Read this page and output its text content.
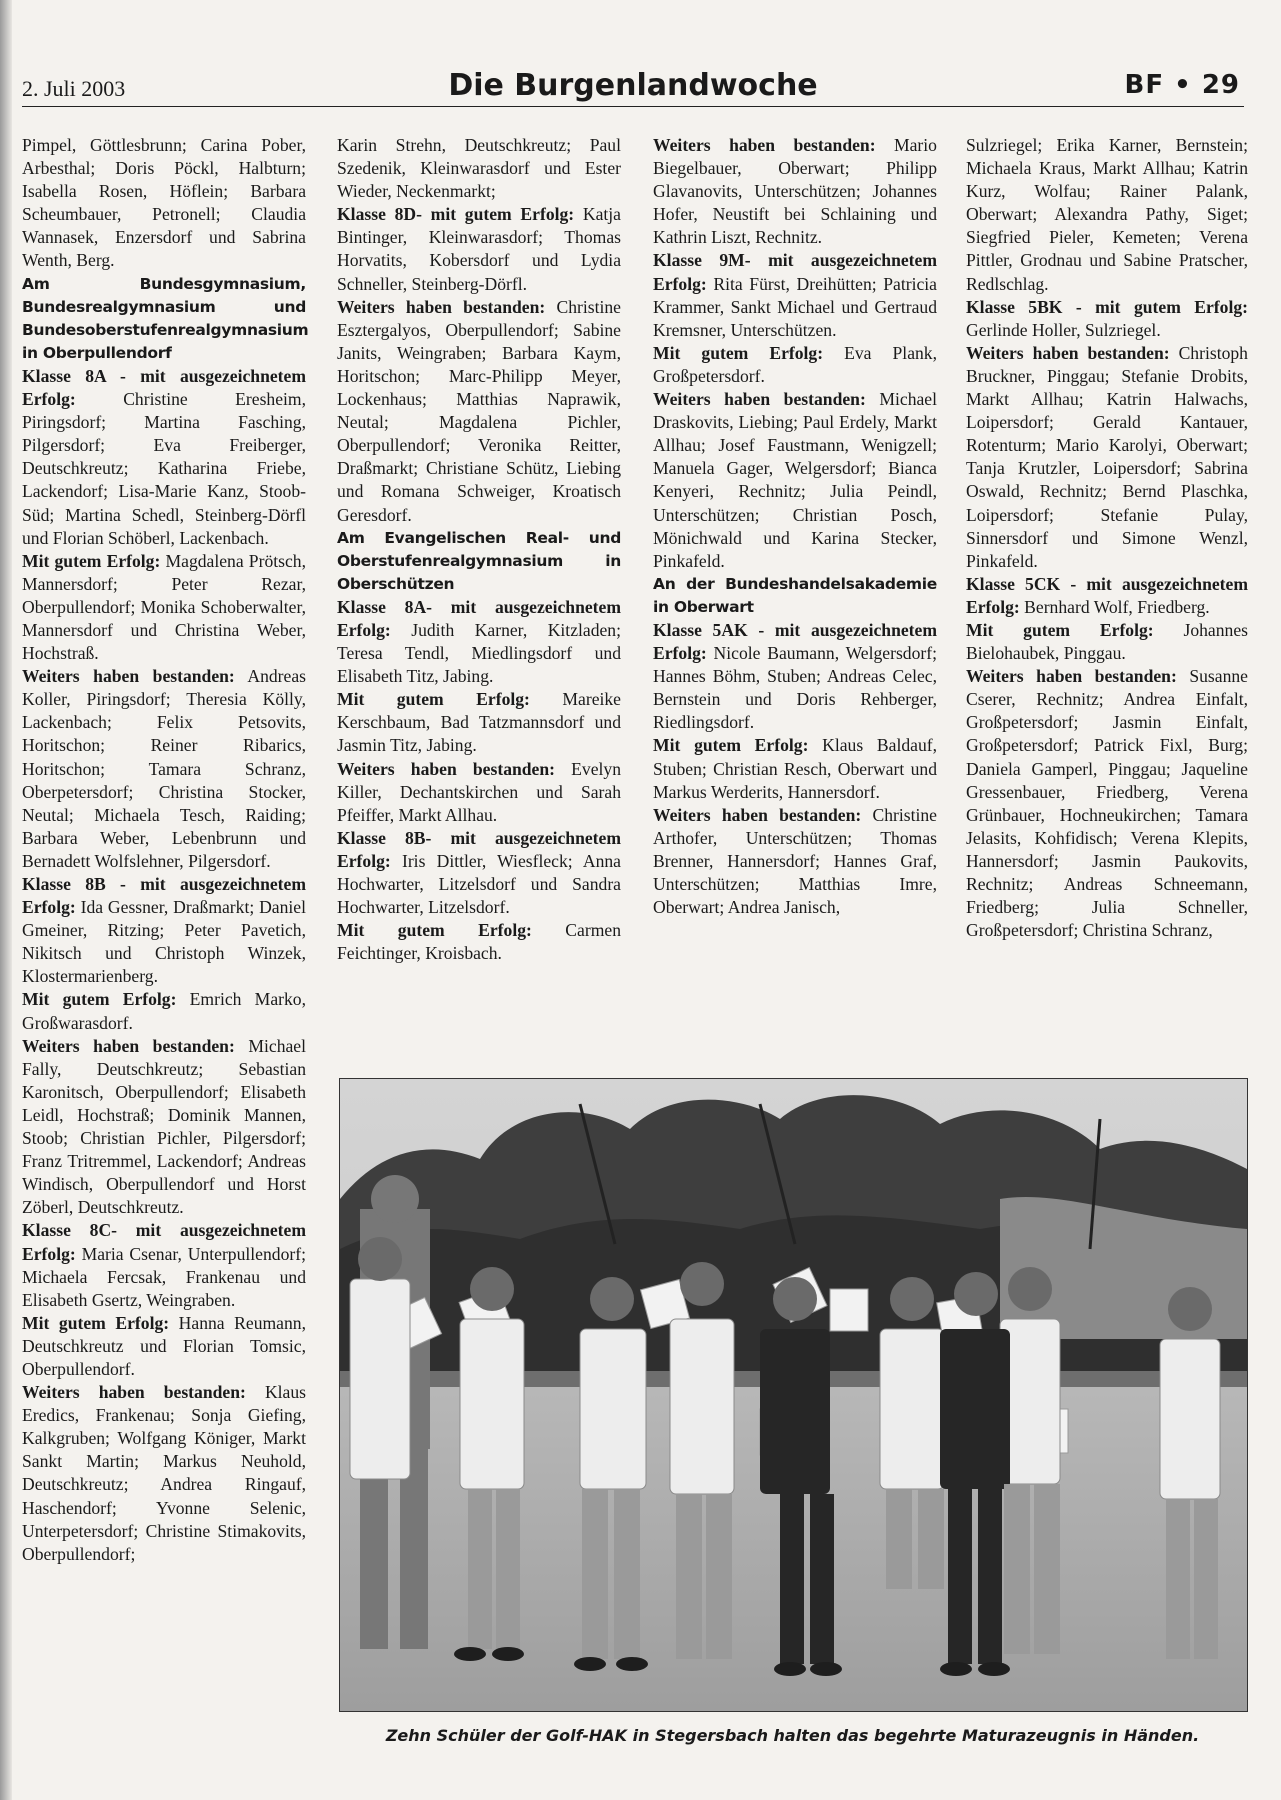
2. Juli 2003	Die Burgenlandwoche	BF • 29

Pimpel, Göttlesbrunn; Carina Pober, Arbesthal; Doris Pöckl, Halbturn; Isabella Rosen, Höflein; Barbara Scheumbauer, Petronell; Claudia Wannasek, Enzersdorf und Sabrina Wenth, Berg.

Am Bundesgymnasium, Bundesrealgymnasium und Bundesoberstufenrealgymnasium in Oberpullendorf

Klasse 8A - mit ausgezeichnetem Erfolg: Christine Eresheim, Piringsdorf; Martina Fasching, Pilgersdorf; Eva Freiberger, Deutschkreutz; Katharina Friebe, Lackendorf; Lisa-Marie Kanz, Stoob-Süd; Martina Schedl, Steinberg-Dörfl und Florian Schöberl, Lackenbach.

Mit gutem Erfolg: Magdalena Prötsch, Mannersdorf; Peter Rezar, Oberpullendorf; Monika Schoberwalter, Mannersdorf und Christina Weber, Hochstraß.

Weiters haben bestanden: Andreas Koller, Piringsdorf; Theresia Kölly, Lackenbach; Felix Petsovits, Horitschon; Reiner Ribarics, Horitschon; Tamara Schranz, Oberpetersdorf; Christina Stocker, Neutal; Michaela Tesch, Raiding; Barbara Weber, Lebenbrunn und Bernadett Wolfslehner, Pilgersdorf.

Klasse 8B - mit ausgezeichnetem Erfolg: Ida Gessner, Draßmarkt; Daniel Gmeiner, Ritzing; Peter Pavetich, Nikitsch und Christoph Winzek, Klostermarienberg.

Mit gutem Erfolg: Emrich Marko, Großwarasdorf.

Weiters haben bestanden: Michael Fally, Deutschkreutz; Sebastian Karonitsch, Oberpullendorf; Elisabeth Leidl, Hochstraß; Dominik Mannen, Stoob; Christian Pichler, Pilgersdorf; Franz Tritremmel, Lackendorf; Andreas Windisch, Oberpullendorf und Horst Zöberl, Deutschkreutz.

Klasse 8C- mit ausgezeichnetem Erfolg: Maria Csenar, Unterpullendorf; Michaela Fercsak, Frankenau und Elisabeth Gsertz, Weingraben.

Mit gutem Erfolg: Hanna Reumann, Deutschkreutz und Florian Tomsic, Oberpullendorf.

Weiters haben bestanden: Klaus Eredics, Frankenau; Sonja Giefing, Kalkgruben; Wolfgang Königer, Markt Sankt Martin; Markus Neuhold, Deutschkreutz; Andrea Ringauf, Haschendorf; Yvonne Selenic, Unterpetersdorf; Christine Stimakovits, Oberpullendorf;

Karin Strehn, Deutschkreutz; Paul Szedenik, Kleinwarasdorf und Ester Wieder, Neckenmarkt;

Klasse 8D- mit gutem Erfolg: Katja Bintinger, Kleinwarasdorf; Thomas Horvatits, Kobersdorf und Lydia Schneller, Steinberg-Dörfl.

Weiters haben bestanden: Christine Esztergalyos, Oberpullendorf; Sabine Janits, Weingraben; Barbara Kaym, Horitschon; Marc-Philipp Meyer, Lockenhaus; Matthias Naprawik, Neutal; Magdalena Pichler, Oberpullendorf; Veronika Reitter, Draßmarkt; Christiane Schütz, Liebing und Romana Schweiger, Kroatisch Geresdorf.

Am Evangelischen Real- und Oberstufenrealgymnasium in Oberschützen

Klasse 8A- mit ausgezeichnetem Erfolg: Judith Karner, Kitzladen; Teresa Tendl, Miedlingsdorf und Elisabeth Titz, Jabing.

Mit gutem Erfolg: Mareike Kerschbaum, Bad Tatzmannsdorf und Jasmin Titz, Jabing.

Weiters haben bestanden: Evelyn Killer, Dechantskirchen und Sarah Pfeiffer, Markt Allhau.

Klasse 8B- mit ausgezeichnetem Erfolg: Iris Dittler, Wiesfleck; Anna Hochwarter, Litzelsdorf und Sandra Hochwarter, Litzelsdorf.

Mit gutem Erfolg: Carmen Feichtinger, Kroisbach.

Weiters haben bestanden: Mario Biegelbauer, Oberwart; Philipp Glavanovits, Unterschützen; Johannes Hofer, Neustift bei Schlaining und Kathrin Liszt, Rechnitz.

Klasse 9M- mit ausgezeichnetem Erfolg: Rita Fürst, Dreihütten; Patricia Krammer, Sankt Michael und Gertraud Kremsner, Unterschützen.

Mit gutem Erfolg: Eva Plank, Großpetersdorf.

Weiters haben bestanden: Michael Draskovits, Liebing; Paul Erdely, Markt Allhau; Josef Faustmann, Wenigzell; Manuela Gager, Welgersdorf; Bianca Kenyeri, Rechnitz; Julia Peindl, Unterschützen; Christian Posch, Mönichwald und Karina Stecker, Pinkafeld.

An der Bundeshandelsakademie in Oberwart

Klasse 5AK - mit ausgezeichnetem Erfolg: Nicole Baumann, Welgersdorf; Hannes Böhm, Stuben; Andreas Celec, Bernstein und Doris Rehberger, Riedlingsdorf.

Mit gutem Erfolg: Klaus Baldauf, Stuben; Christian Resch, Oberwart und Markus Werderits, Hannersdorf.

Weiters haben bestanden: Christine Arthofer, Unterschützen; Thomas Brenner, Hannersdorf; Hannes Graf, Unterschützen; Matthias Imre, Oberwart; Andrea Janisch,

Sulzriegel; Erika Karner, Bernstein; Michaela Kraus, Markt Allhau; Katrin Kurz, Wolfau; Rainer Palank, Oberwart; Alexandra Pathy, Siget; Siegfried Pieler, Kemeten; Verena Pittler, Grodnau und Sabine Pratscher, Redlschlag.

Klasse 5BK - mit gutem Erfolg: Gerlinde Holler, Sulzriegel.

Weiters haben bestanden: Christoph Bruckner, Pinggau; Stefanie Drobits, Markt Allhau; Katrin Halwachs, Loipersdorf; Gerald Kantauer, Rotenturm; Mario Karolyi, Oberwart; Tanja Krutzler, Loipersdorf; Sabrina Oswald, Rechnitz; Bernd Plaschka, Loipersdorf; Stefanie Pulay, Sinnersdorf und Simone Wenzl, Pinkafeld.

Klasse 5CK - mit ausgezeichnetem Erfolg: Bernhard Wolf, Friedberg.

Mit gutem Erfolg: Johannes Bielohaubek, Pinggau.

Weiters haben bestanden: Susanne Cserer, Rechnitz; Andrea Einfalt, Großpetersdorf; Jasmin Einfalt, Großpetersdorf; Patrick Fixl, Burg; Daniela Gamperl, Pinggau; Jaqueline Gressenbauer, Friedberg, Verena Grünbauer, Hochneukirchen; Tamara Jelasits, Kohfidisch; Verena Klepits, Hannersdorf; Jasmin Paukovits, Rechnitz; Andreas Schneemann, Friedberg; Julia Schneller, Großpetersdorf; Christina Schranz,

Zehn Schüler der Golf-HAK in Stegersbach halten das begehrte Maturazeugnis in Händen.
